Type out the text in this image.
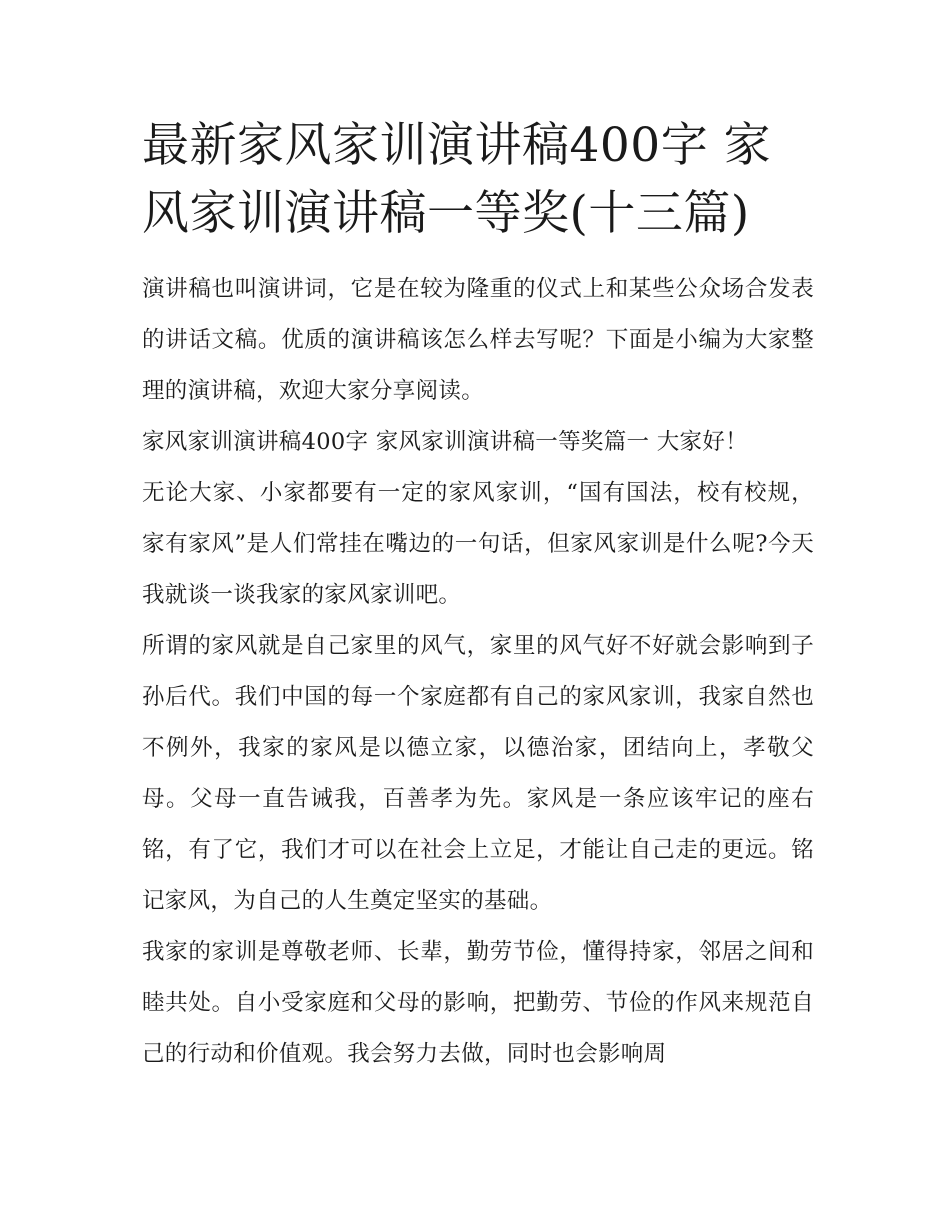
最新家风家训演讲稿400字 家风家训演讲稿一等奖(十三篇)

演讲稿也叫演讲词，它是在较为隆重的仪式上和某些公众场合发表的讲话文稿。优质的演讲稿该怎么样去写呢？下面是小编为大家整理的演讲稿，欢迎大家分享阅读。

家风家训演讲稿400字 家风家训演讲稿一等奖篇一 大家好！

无论大家、小家都要有一定的家风家训，“国有国法，校有校规，家有家风”是人们常挂在嘴边的一句话，但家风家训是什么呢?今天我就谈一谈我家的家风家训吧。

所谓的家风就是自己家里的风气，家里的风气好不好就会影响到子孙后代。我们中国的每一个家庭都有自己的家风家训，我家自然也不例外，我家的家风是以德立家，以德治家，团结向上，孝敬父母。父母一直告诫我，百善孝为先。家风是一条应该牢记的座右铭，有了它，我们才可以在社会上立足，才能让自己走的更远。铭记家风，为自己的人生奠定坚实的基础。

我家的家训是尊敬老师、长辈，勤劳节俭，懂得持家，邻居之间和睦共处。自小受家庭和父母的影响，把勤劳、节俭的作风来规范自己的行动和价值观。我会努力去做，同时也会影响周
